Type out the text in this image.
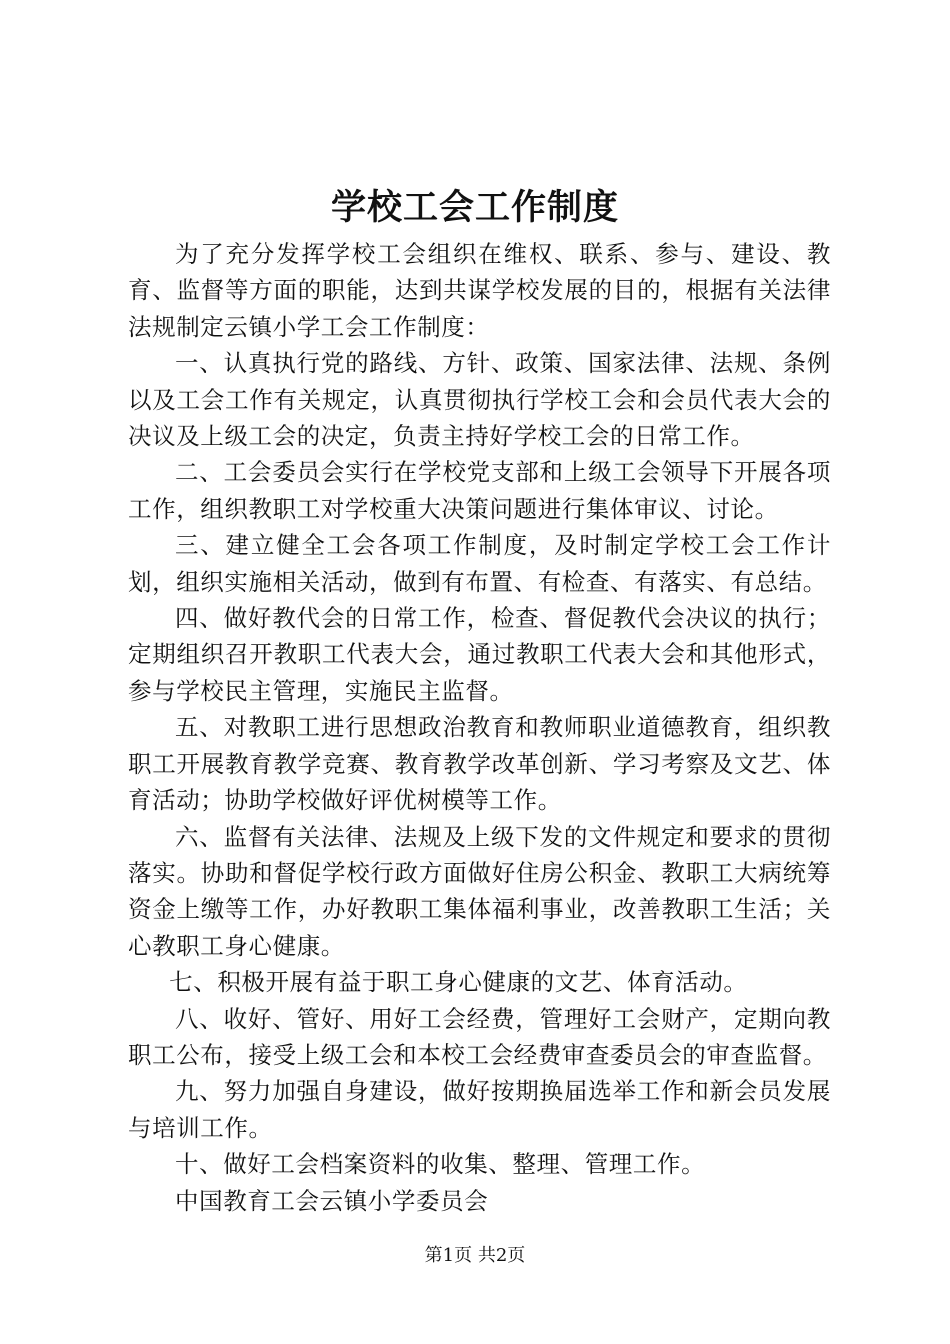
学校工会工作制度

为了充分发挥学校工会组织在维权、联系、参与、建设、教育、监督等方面的职能，达到共谋学校发展的目的，根据有关法律法规制定云镇小学工会工作制度：

一、认真执行党的路线、方针、政策、国家法律、法规、条例以及工会工作有关规定，认真贯彻执行学校工会和会员代表大会的决议及上级工会的决定，负责主持好学校工会的日常工作。

二、工会委员会实行在学校党支部和上级工会领导下开展各项工作，组织教职工对学校重大决策问题进行集体审议、讨论。

三、建立健全工会各项工作制度，及时制定学校工会工作计划，组织实施相关活动，做到有布置、有检查、有落实、有总结。

四、做好教代会的日常工作，检查、督促教代会决议的执行；定期组织召开教职工代表大会，通过教职工代表大会和其他形式，参与学校民主管理，实施民主监督。

五、对教职工进行思想政治教育和教师职业道德教育，组织教职工开展教育教学竞赛、教育教学改革创新、学习考察及文艺、体育活动；协助学校做好评优树模等工作。

六、监督有关法律、法规及上级下发的文件规定和要求的贯彻落实。协助和督促学校行政方面做好住房公积金、教职工大病统筹资金上缴等工作，办好教职工集体福利事业，改善教职工生活；关心教职工身心健康。

七、积极开展有益于职工身心健康的文艺、体育活动。

八、收好、管好、用好工会经费，管理好工会财产，定期向教职工公布，接受上级工会和本校工会经费审查委员会的审查监督。

九、努力加强自身建设，做好按期换届选举工作和新会员发展与培训工作。

十、做好工会档案资料的收集、整理、管理工作。

中国教育工会云镇小学委员会

第1页 共2页
